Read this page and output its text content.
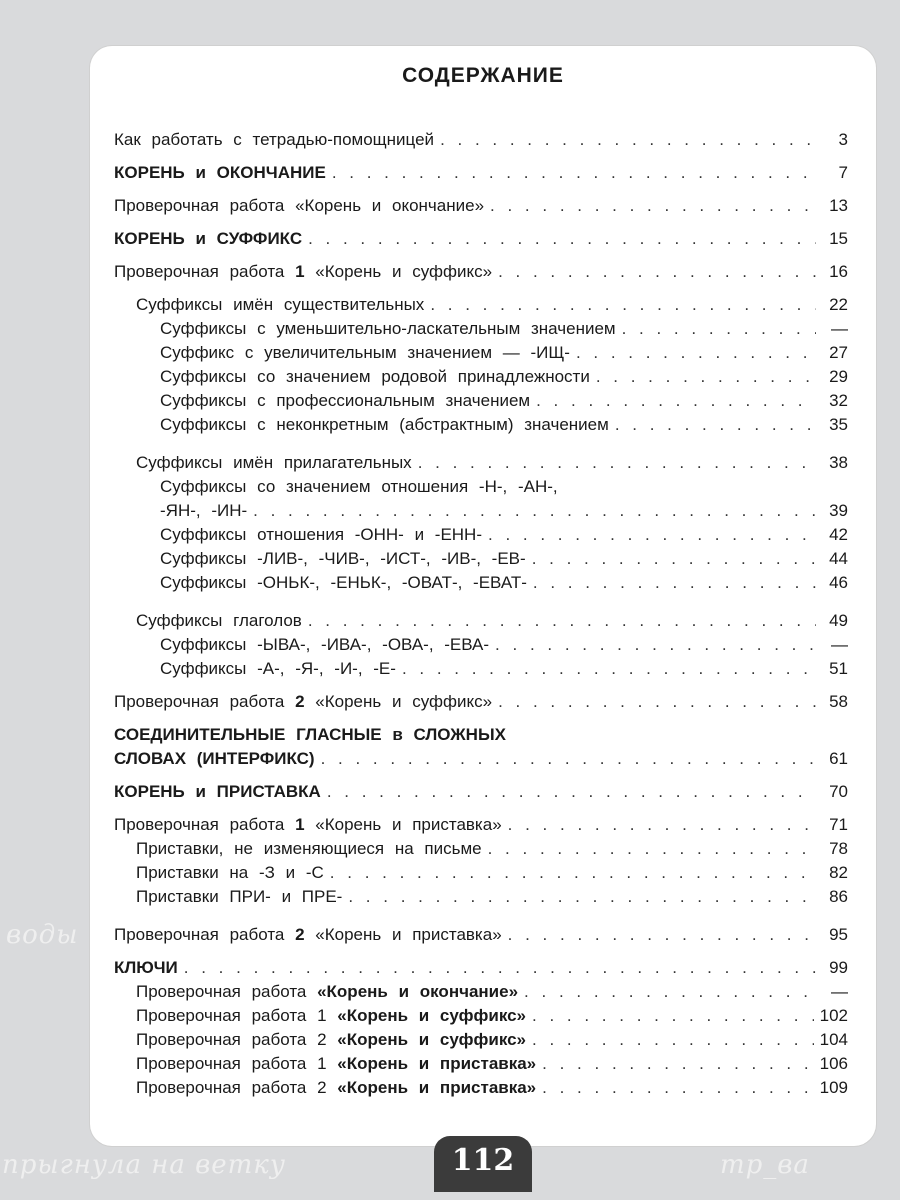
воды
прыгнула на ветку	тр_ва
СОДЕРЖАНИЕ
Как работать с тетрадью-помощницей . . .	3
КОРЕНЬ и ОКОНЧАНИЕ . . .	7
Проверочная работа «Корень и окончание» . . .	13
КОРЕНЬ и СУФФИКС . . .	15
Проверочная работа 1 «Корень и суффикс» . . .	16
Суффиксы имён существительных . . .	22
Суффиксы с уменьшительно-ласкательным значением . . .	—
Суффикс с увеличительным значением — -ИЩ- . . .	27
Суффиксы со значением родовой принадлежности . . .	29
Суффиксы с профессиональным значением . . .	32
Суффиксы с неконкретным (абстрактным) значением . . .	35
Суффиксы имён прилагательных . . .	38
Суффиксы со значением отношения -Н-, -АН-,
-ЯН-, -ИН- . . .	39
Суффиксы отношения -ОНН- и -ЕНН- . . .	42
Суффиксы -ЛИВ-, -ЧИВ-, -ИСТ-, -ИВ-, -ЕВ- . . .	44
Суффиксы -ОНЬК-, -ЕНЬК-, -ОВАТ-, -ЕВАТ- . . .	46
Суффиксы глаголов . . .	49
Суффиксы -ЫВА-, -ИВА-, -ОВА-, -ЕВА- . . .	—
Суффиксы -А-, -Я-, -И-, -Е- . . .	51
Проверочная работа 2 «Корень и суффикс» . . .	58
СОЕДИНИТЕЛЬНЫЕ ГЛАСНЫЕ в СЛОЖНЫХ
СЛОВАХ (ИНТЕРФИКС) . . .	61
КОРЕНЬ и ПРИСТАВКА . . .	70
Проверочная работа 1 «Корень и приставка» . . .	71
Приставки, не изменяющиеся на письме . . .	78
Приставки на -З и -С . . .	82
Приставки ПРИ- и ПРЕ- . . .	86
Проверочная работа 2 «Корень и приставка» . . .	95
КЛЮЧИ . . .	99
Проверочная работа «Корень и окончание» . . .	—
Проверочная работа 1 «Корень и суффикс» . . .	102
Проверочная работа 2 «Корень и суффикс» . . .	104
Проверочная работа 1 «Корень и приставка» . . .	106
Проверочная работа 2 «Корень и приставка» . . .	109
112
